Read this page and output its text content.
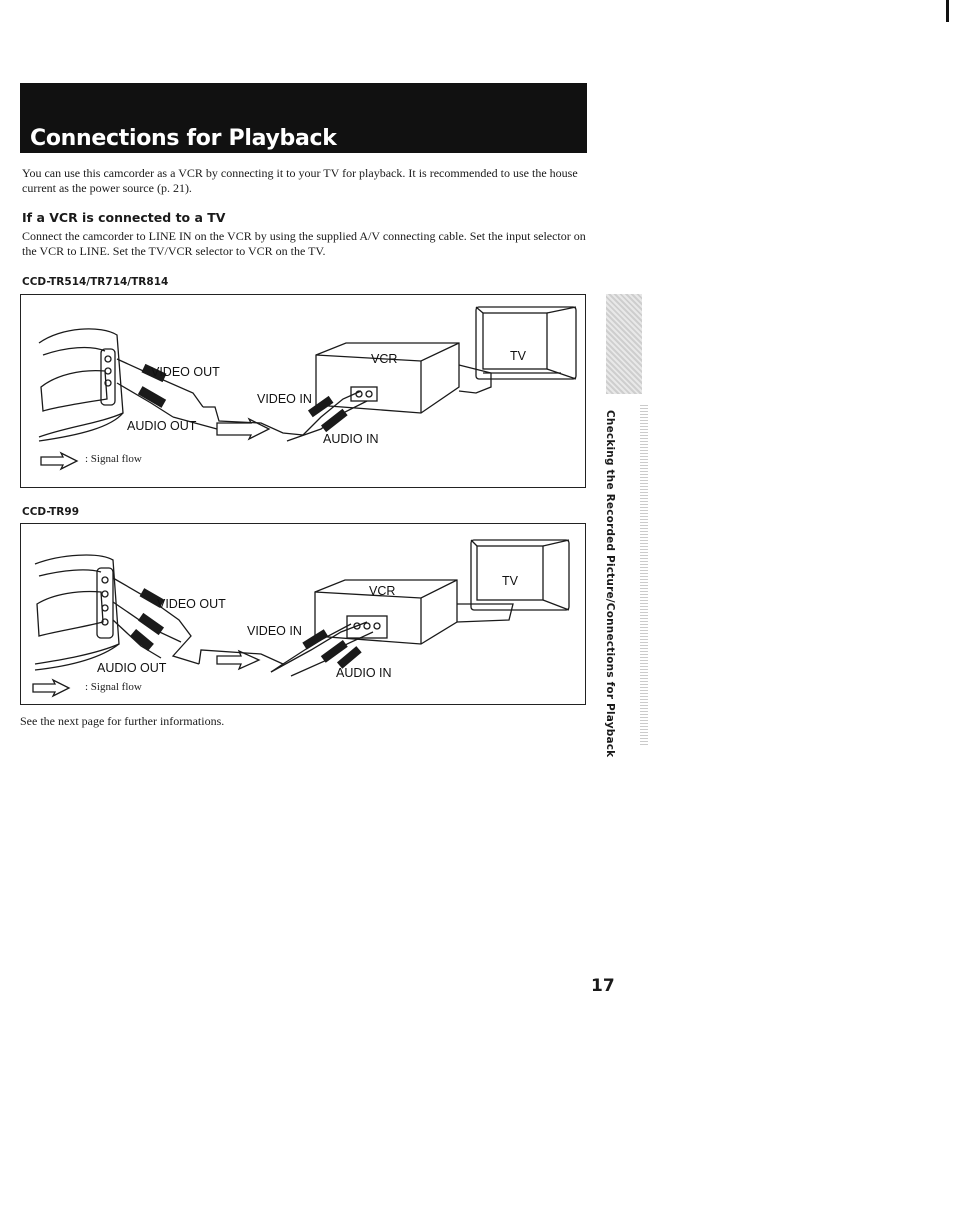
Connections for Playback
You can use this camcorder as a VCR by connecting it to your TV for playback. It is recommended to use the house current as the power source (p. 21).
If a VCR is connected to a TV
Connect the camcorder to LINE IN on the VCR by using the supplied A/V connecting cable. Set the input selector on the VCR to LINE. Set the TV/VCR selector to VCR on the TV.
CCD-TR514/TR714/TR814
VIDEO OUT
AUDIO OUT
VIDEO IN
AUDIO IN
VCR	TV
: Signal flow
CCD-TR99
VIDEO OUT
AUDIO OUT
VIDEO IN
AUDIO IN
VCR
TV
: Signal flow
See the next page for further informations.	Checking the Recorded Picture/Connections for Playback
17
